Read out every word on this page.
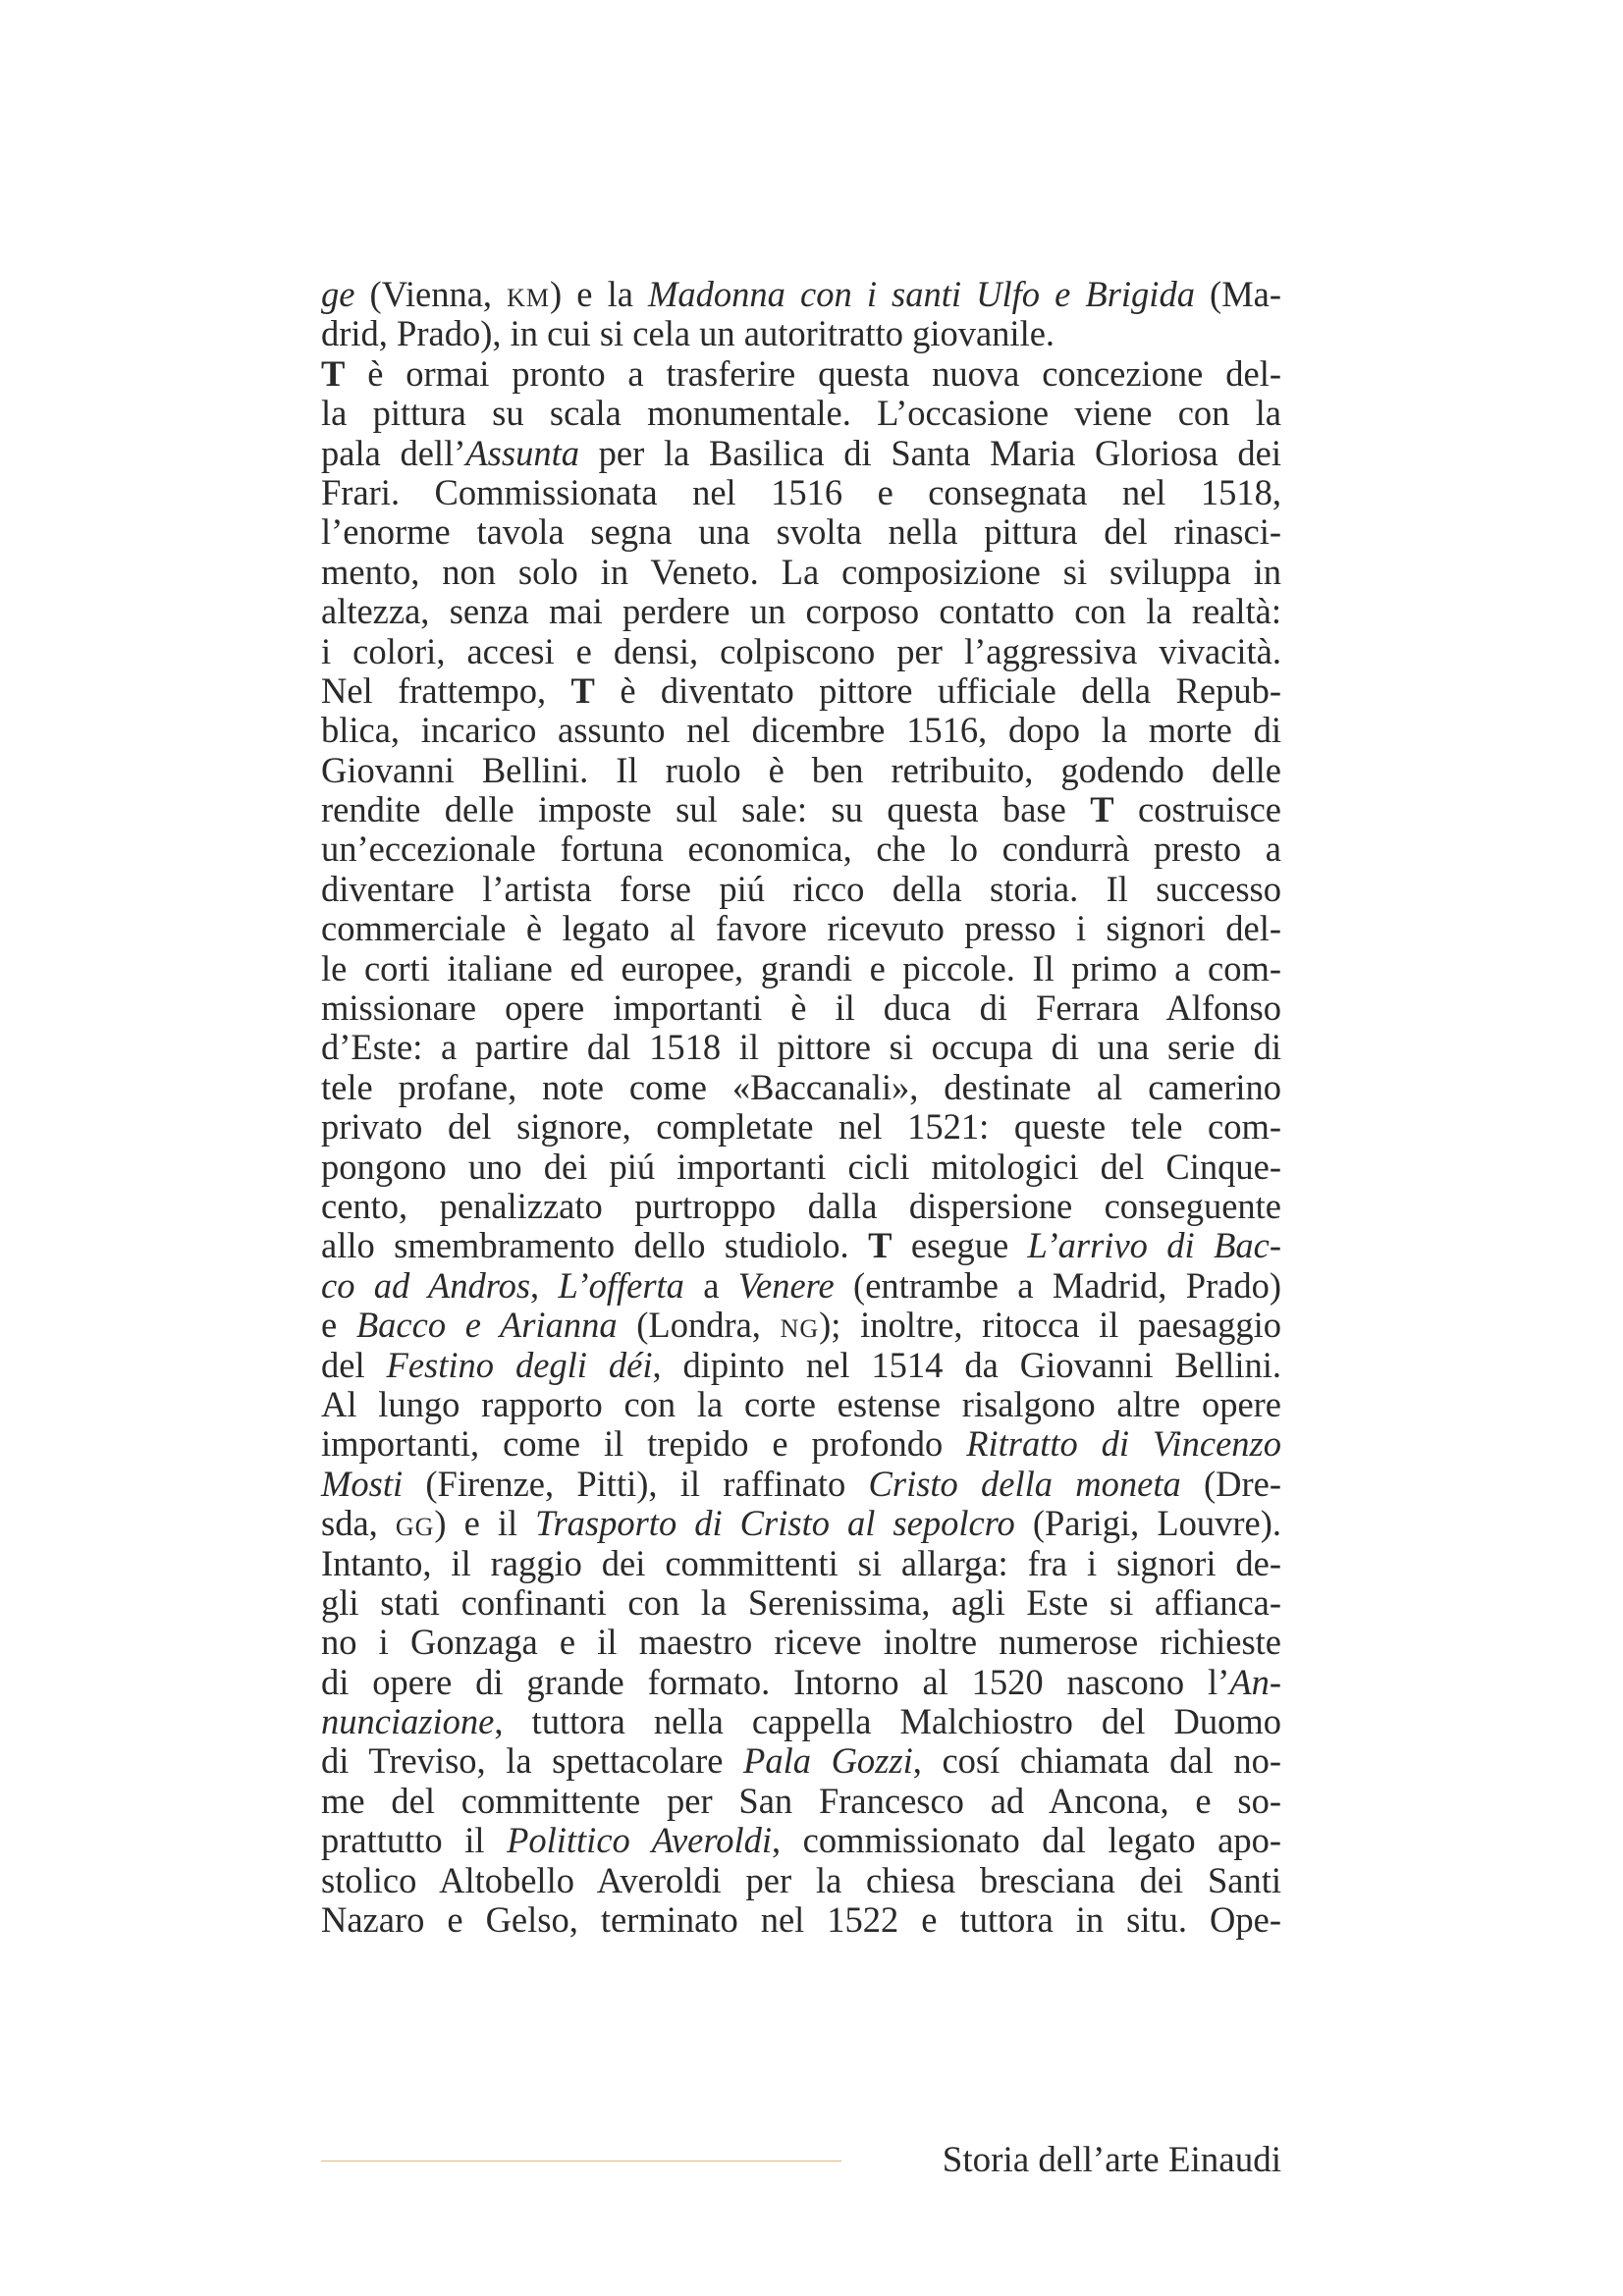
ge (Vienna, KM) e la Madonna con i santi Ulfo e Brigida (Ma-
drid, Prado), in cui si cela un autoritratto giovanile.
T è ormai pronto a trasferire questa nuova concezione del-
la pittura su scala monumentale. L’occasione viene con la
pala dell’Assunta per la Basilica di Santa Maria Gloriosa dei
Frari. Commissionata nel 1516 e consegnata nel 1518,
l’enorme tavola segna una svolta nella pittura del rinasci-
mento, non solo in Veneto. La composizione si sviluppa in
altezza, senza mai perdere un corposo contatto con la realtà:
i colori, accesi e densi, colpiscono per l’aggressiva vivacità.
Nel frattempo, T è diventato pittore ufficiale della Repub-
blica, incarico assunto nel dicembre 1516, dopo la morte di
Giovanni Bellini. Il ruolo è ben retribuito, godendo delle
rendite delle imposte sul sale: su questa base T costruisce
un’eccezionale fortuna economica, che lo condurrà presto a
diventare l’artista forse piú ricco della storia. Il successo
commerciale è legato al favore ricevuto presso i signori del-
le corti italiane ed europee, grandi e piccole. Il primo a com-
missionare opere importanti è il duca di Ferrara Alfonso
d’Este: a partire dal 1518 il pittore si occupa di una serie di
tele profane, note come «Baccanali», destinate al camerino
privato del signore, completate nel 1521: queste tele com-
pongono uno dei piú importanti cicli mitologici del Cinque-
cento, penalizzato purtroppo dalla dispersione conseguente
allo smembramento dello studiolo. T esegue L’arrivo di Bac-
co ad Andros, L’offerta a Venere (entrambe a Madrid, Prado)
e Bacco e Arianna (Londra, NG); inoltre, ritocca il paesaggio
del Festino degli déi, dipinto nel 1514 da Giovanni Bellini.
Al lungo rapporto con la corte estense risalgono altre opere
importanti, come il trepido e profondo Ritratto di Vincenzo
Mosti (Firenze, Pitti), il raffinato Cristo della moneta (Dre-
sda, GG) e il Trasporto di Cristo al sepolcro (Parigi, Louvre).
Intanto, il raggio dei committenti si allarga: fra i signori de-
gli stati confinanti con la Serenissima, agli Este si affianca-
no i Gonzaga e il maestro riceve inoltre numerose richieste
di opere di grande formato. Intorno al 1520 nascono l’An-
nunciazione, tuttora nella cappella Malchiostro del Duomo
di Treviso, la spettacolare Pala Gozzi, cosí chiamata dal no-
me del committente per San Francesco ad Ancona, e so-
prattutto il Polittico Averoldi, commissionato dal legato apo-
stolico Altobello Averoldi per la chiesa bresciana dei Santi
Nazaro e Gelso, terminato nel 1522 e tuttora in situ. Ope-
Storia dell’arte Einaudi
